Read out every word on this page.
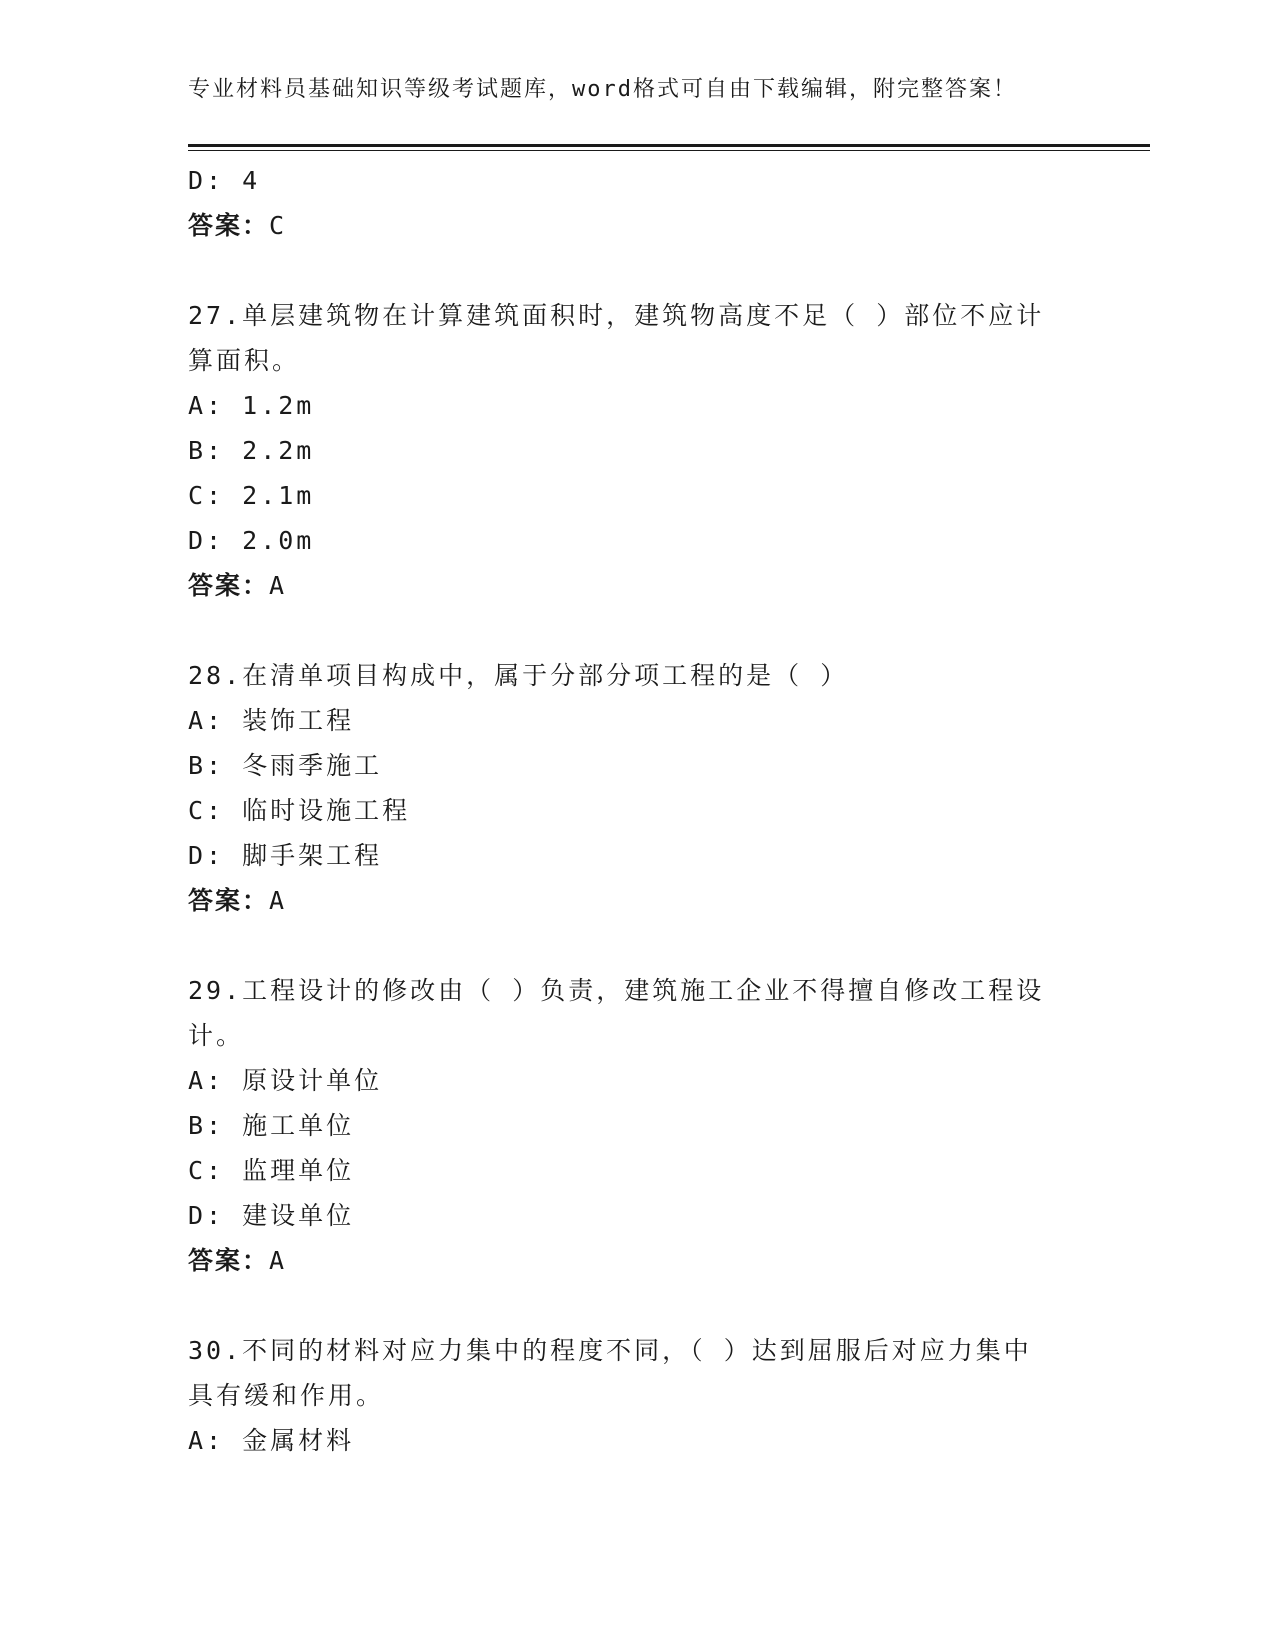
专业材料员基础知识等级考试题库，word格式可自由下载编辑，附完整答案！
D: 4
答案：C
27.单层建筑物在计算建筑面积时，建筑物高度不足（ ）部位不应计
算面积。
A: 1.2m
B: 2.2m
C: 2.1m
D: 2.0m
答案：A
28.在清单项目构成中，属于分部分项工程的是（ ）
A: 装饰工程
B: 冬雨季施工
C: 临时设施工程
D: 脚手架工程
答案：A
29.工程设计的修改由（ ）负责，建筑施工企业不得擅自修改工程设
计。
A: 原设计单位
B: 施工单位
C: 监理单位
D: 建设单位
答案：A
30.不同的材料对应力集中的程度不同，（ ）达到屈服后对应力集中
具有缓和作用。
A: 金属材料
